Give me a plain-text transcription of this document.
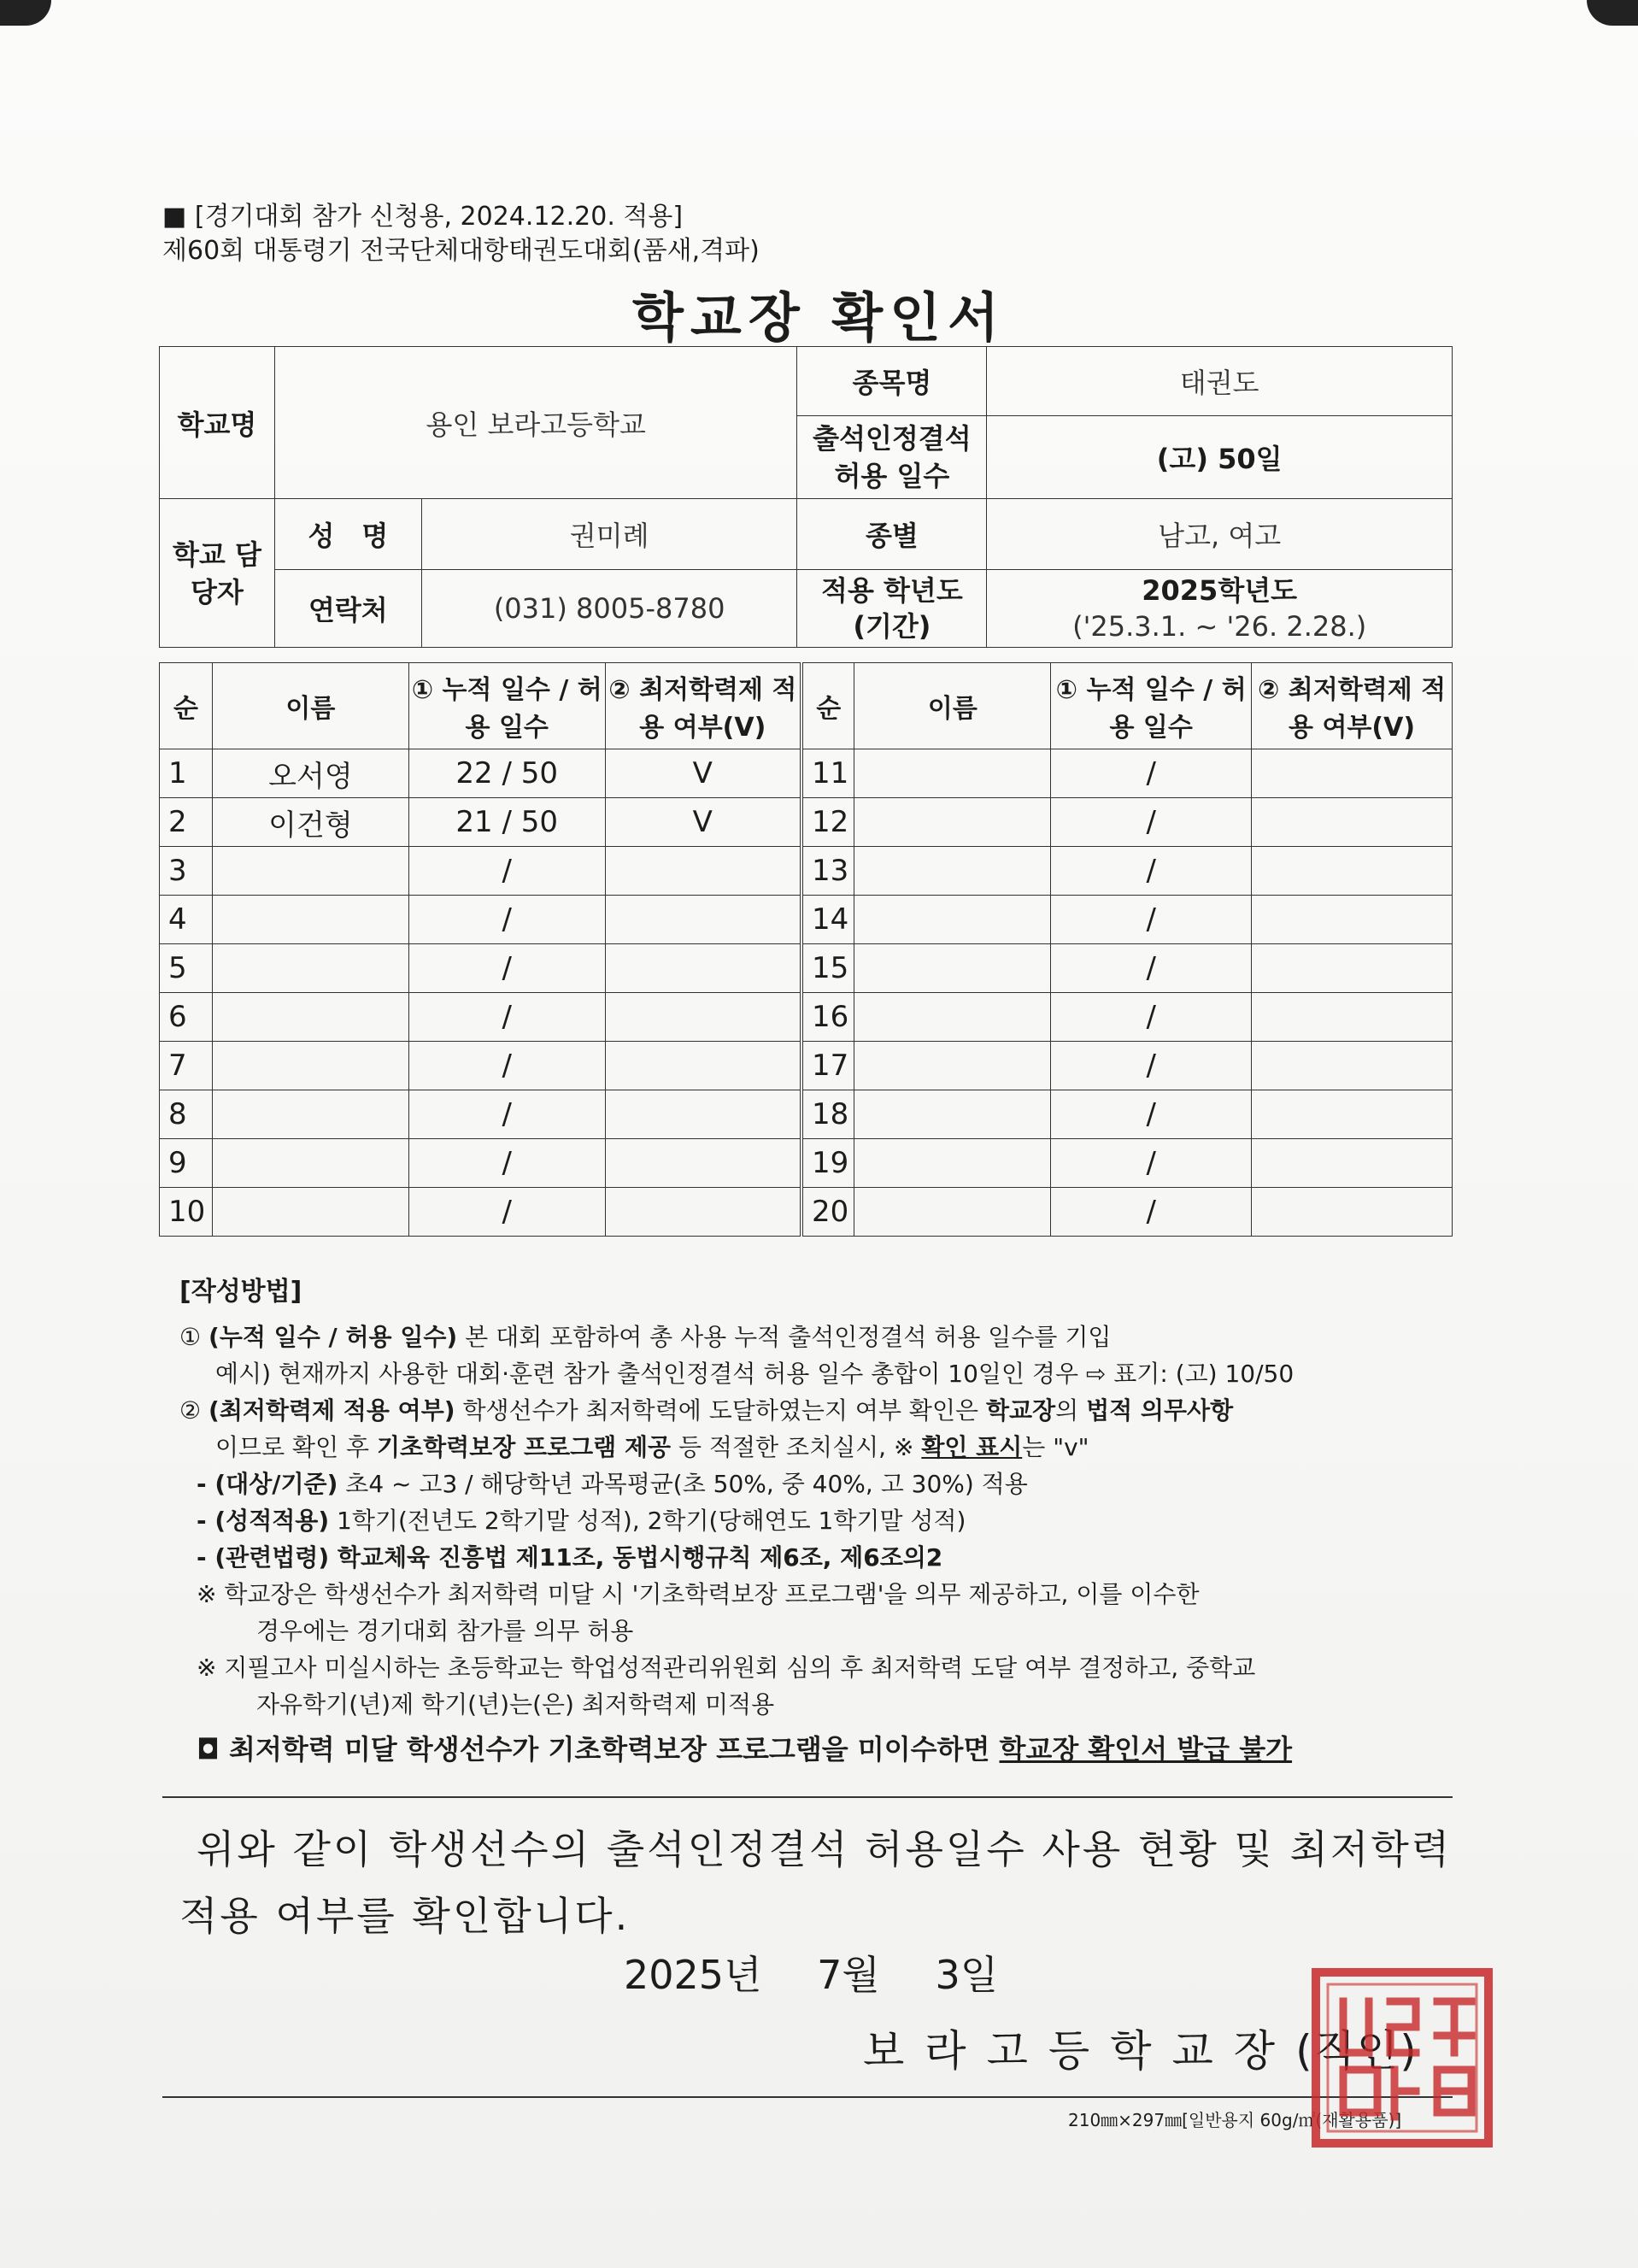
■ [경기대회 참가 신청용, 2024.12.20. 적용]
제60회 대통령기 전국단체대항태권도대회(품새,격파)
학교장 확인서
학교명	용인 보라고등학교		종목명	태권도
			출석인정결석 허용 일수	(고) 50일
학교 담당자	성　명	권미례	종별	남고, 여고
	연락처	(031) 8005-8780	적용 학년도 (기간)	2025학년도
('25.3.1. ~ '26. 2.28.)
순	이름	① 누적 일수 / 허용 일수	② 최저학력제 적용 여부(V)	순	이름	① 누적 일수 / 허용 일수	② 최저학력제 적용 여부(V)
1	오서영	22 / 50	V	11		/	
2	이건형	21 / 50	V	12		/	
3		/		13		/	
4		/		14		/	
5		/		15		/	
6		/		16		/	
7		/		17		/	
8		/		18		/	
9		/		19		/	
10		/		20		/	
[작성방법]
① (누적 일수 / 허용 일수) 본 대회 포함하여 총 사용 누적 출석인정결석 허용 일수를 기입
예시) 현재까지 사용한 대회·훈련 참가 출석인정결석 허용 일수 총합이 10일인 경우 ⇨ 표기: (고) 10/50
② (최저학력제 적용 여부) 학생선수가 최저학력에 도달하였는지 여부 확인은 학교장의 법적 의무사항
이므로 확인 후 기초학력보장 프로그램 제공 등 적절한 조치실시, ※ 확인 표시는 "v"
- (대상/기준) 초4 ~ 고3 / 해당학년 과목평균(초 50%, 중 40%, 고 30%) 적용
- (성적적용) 1학기(전년도 2학기말 성적), 2학기(당해연도 1학기말 성적)
- (관련법령) 학교체육 진흥법 제11조, 동법시행규칙 제6조, 제6조의2
※ 학교장은 학생선수가 최저학력 미달 시 '기초학력보장 프로그램'을 의무 제공하고, 이를 이수한
경우에는 경기대회 참가를 의무 허용
※ 지필고사 미실시하는 초등학교는 학업성적관리위원회 심의 후 최저학력 도달 여부 결정하고, 중학교
자유학기(년)제 학기(년)는(은) 최저학력제 미적용
◘ 최저학력 미달 학생선수가 기초학력보장 프로그램을 미이수하면 학교장 확인서 발급 불가
위와 같이 학생선수의 출석인정결석 허용일수 사용 현황 및 최저학력
적용 여부를 확인합니다.
2025년 7월 3일
보라고등학교장(직인)
210㎜×297㎜[일반용지 60g/㎡(재활용품)]
